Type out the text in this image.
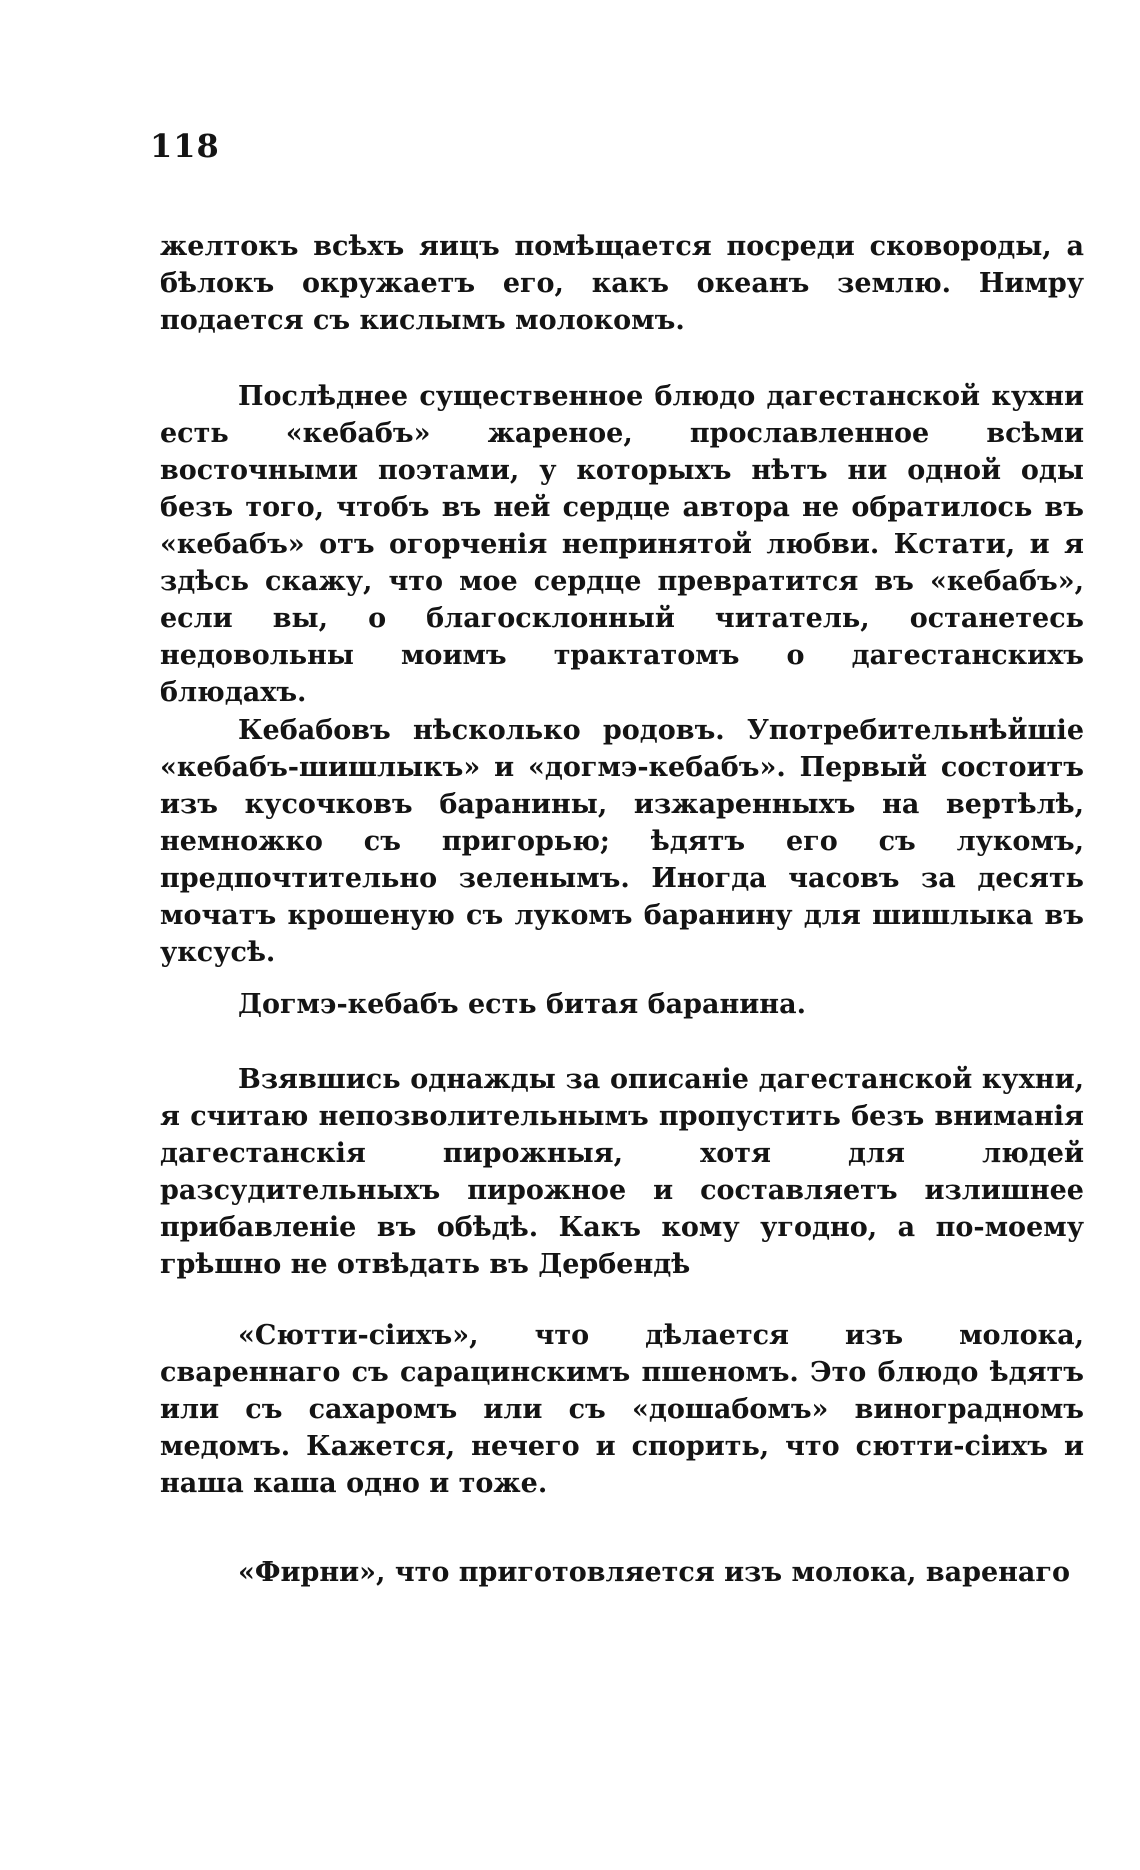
118

желтокъ всѣхъ яицъ помѣщается посреди сковороды, а бѣлокъ окружаетъ его, какъ океанъ землю. Нимру подается съ кислымъ молокомъ.

Послѣднее существенное блюдо дагестанской кухни есть «кебабъ» жареное, прославленное всѣми восточными поэтами, у которыхъ нѣтъ ни одной оды безъ того, чтобъ въ ней сердце автора не обратилось въ «кебабъ» отъ огорченія непринятой любви. Кстати, и я здѣсь скажу, что мое сердце превратится въ «кебабъ», если вы, о благосклонный читатель, останетесь недовольны моимъ трактатомъ о дагестанскихъ блюдахъ.

Кебабовъ нѣсколько родовъ. Употребительнѣйшіе «кебабъ-шишлыкъ» и «догмэ-кебабъ». Первый состоитъ изъ кусочковъ баранины, изжаренныхъ на вертѣлѣ, немножко съ пригорью; ѣдятъ его съ лукомъ, предпочтительно зеленымъ. Иногда часовъ за десять мочатъ крошеную съ лукомъ баранину для шишлыка въ уксусѣ.

Догмэ-кебабъ есть битая баранина.

Взявшись однажды за описаніе дагестанской кухни, я считаю непозволительнымъ пропустить безъ вниманія дагестанскія пирожныя, хотя для людей разсудительныхъ пирожное и составляетъ излишнее прибавленіе въ обѣдѣ. Какъ кому угодно, а по-моему грѣшно не отвѣдать въ Дербендѣ

«Сютти-сіихъ», что дѣлается изъ молока, свареннаго съ сарацинскимъ пшеномъ. Это блюдо ѣдятъ или съ сахаромъ или съ «дошабомъ» виноградномъ медомъ. Кажется, нечего и спорить, что сютти-сіихъ и наша каша одно и тоже.

«Фирни», что приготовляется изъ молока, варенаго
